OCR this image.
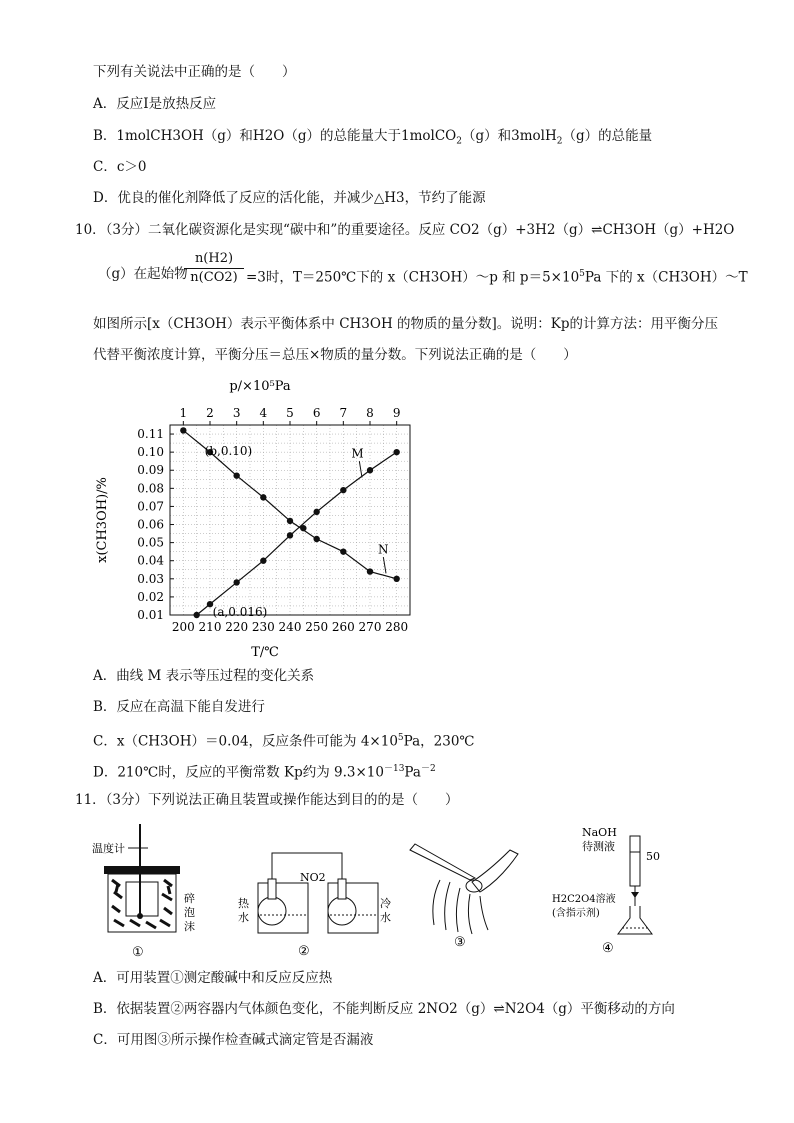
下列有关说法中正确的是（　　）
A．反应Ⅰ是放热反应
B．1molCH3OH（g）和H2O（g）的总能量大于1molCO$_2$（g）和3molH$_2$（g）的总能量
C．c＞0
D．优良的催化剂降低了反应的活化能，并减少△H3，节约了能源
10．（3分）二氧化碳资源化是实现“碳中和”的重要途径。反应 CO2（g）+3H2（g）⇌CH3OH（g）+H2O
（g）在起始物
$\frac{n(H2)}{n(CO2)} =3$时，T＝250℃下的 x（CH3OH）～p 和 $p=5\times 10^5Pa$ 下的 x（CH3OH）～T
如图所示[x（CH3OH）表示平衡体系中 CH3OH 的物质的量分数]。说明：Kp的计算方法：用平衡分压
代替平衡浓度计算，平衡分压＝总压×物质的量分数。下列说法正确的是（　　）
200 210 220 230 240 250 260 270 280
1 2 3 4 5 6 7 8 9
0.01
0.02
0.03
0.04
0.05
0.06
0.07
0.08
0.09
0.10
0.11
p/×10⁵Pa
T/℃
x(CH3OH)/%
(b,0.10)
(a,0.016)
M
N
A．曲线 M 表示等压过程的变化关系
B．反应在高温下能自发进行
C．x（CH3OH）＝0.04，反应条件可能为 $4\times 10^5Pa$，230℃
D．210℃时，反应的平衡常数 Kp约为 $9.3\times 10^{-13}Pa^{-2}$
11．（3分）下列说法正确且装置或操作能达到目的的是（　　）
温度计
碎
泡
沫
①
NO2
热
水
冷
水
②
③
NaOH
待测液
50
H2C2O4溶液
(含指示剂)
④
A．可用装置①测定酸碱中和反应反应热
B．依据装置②两容器内气体颜色变化，不能判断反应 2NO2（g）⇌N2O4（g）平衡移动的方向
C．可用图③所示操作检查碱式滴定管是否漏液
